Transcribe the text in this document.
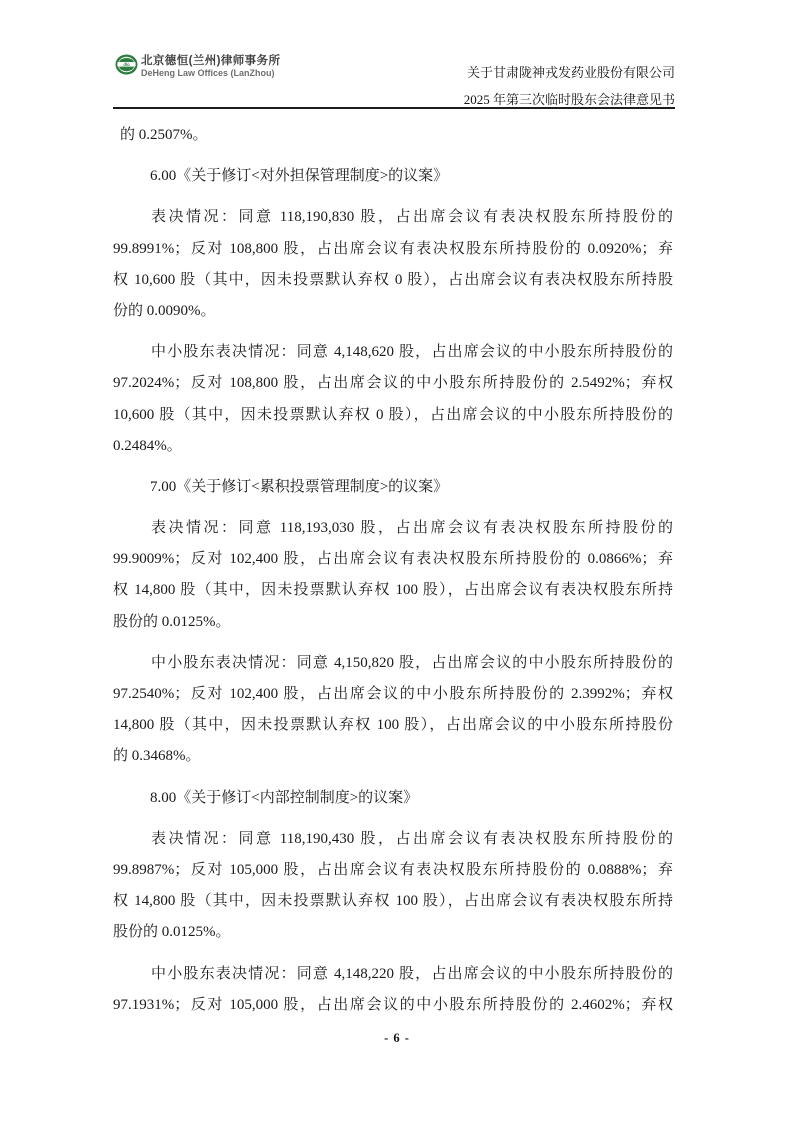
dlo 北京德恒(兰州)律师事务所
DeHeng Law Offices (LanZhou)	关于甘肃陇神戎发药业股份有限公司
2025 年第三次临时股东会法律意见书
的 0.2507%。
6.00《关于修订<对外担保管理制度>的议案》
表决情况：同意 118,190,830 股，占出席会议有表决权股东所持股份的
99.8991%；反对 108,800 股，占出席会议有表决权股东所持股份的 0.0920%；弃
权 10,600 股（其中，因未投票默认弃权 0 股），占出席会议有表决权股东所持股
份的 0.0090%。
中小股东表决情况：同意 4,148,620 股，占出席会议的中小股东所持股份的
97.2024%；反对 108,800 股，占出席会议的中小股东所持股份的 2.5492%；弃权
10,600 股（其中，因未投票默认弃权 0 股），占出席会议的中小股东所持股份的
0.2484%。
7.00《关于修订<累积投票管理制度>的议案》
表决情况：同意 118,193,030 股，占出席会议有表决权股东所持股份的
99.9009%；反对 102,400 股，占出席会议有表决权股东所持股份的 0.0866%；弃
权 14,800 股（其中，因未投票默认弃权 100 股），占出席会议有表决权股东所持
股份的 0.0125%。
中小股东表决情况：同意 4,150,820 股，占出席会议的中小股东所持股份的
97.2540%；反对 102,400 股，占出席会议的中小股东所持股份的 2.3992%；弃权
14,800 股（其中，因未投票默认弃权 100 股），占出席会议的中小股东所持股份
的 0.3468%。
8.00《关于修订<内部控制制度>的议案》
表决情况：同意 118,190,430 股，占出席会议有表决权股东所持股份的
99.8987%；反对 105,000 股，占出席会议有表决权股东所持股份的 0.0888%；弃
权 14,800 股（其中，因未投票默认弃权 100 股），占出席会议有表决权股东所持
股份的 0.0125%。
中小股东表决情况：同意 4,148,220 股，占出席会议的中小股东所持股份的
97.1931%；反对 105,000 股，占出席会议的中小股东所持股份的 2.4602%；弃权
- 6 -
